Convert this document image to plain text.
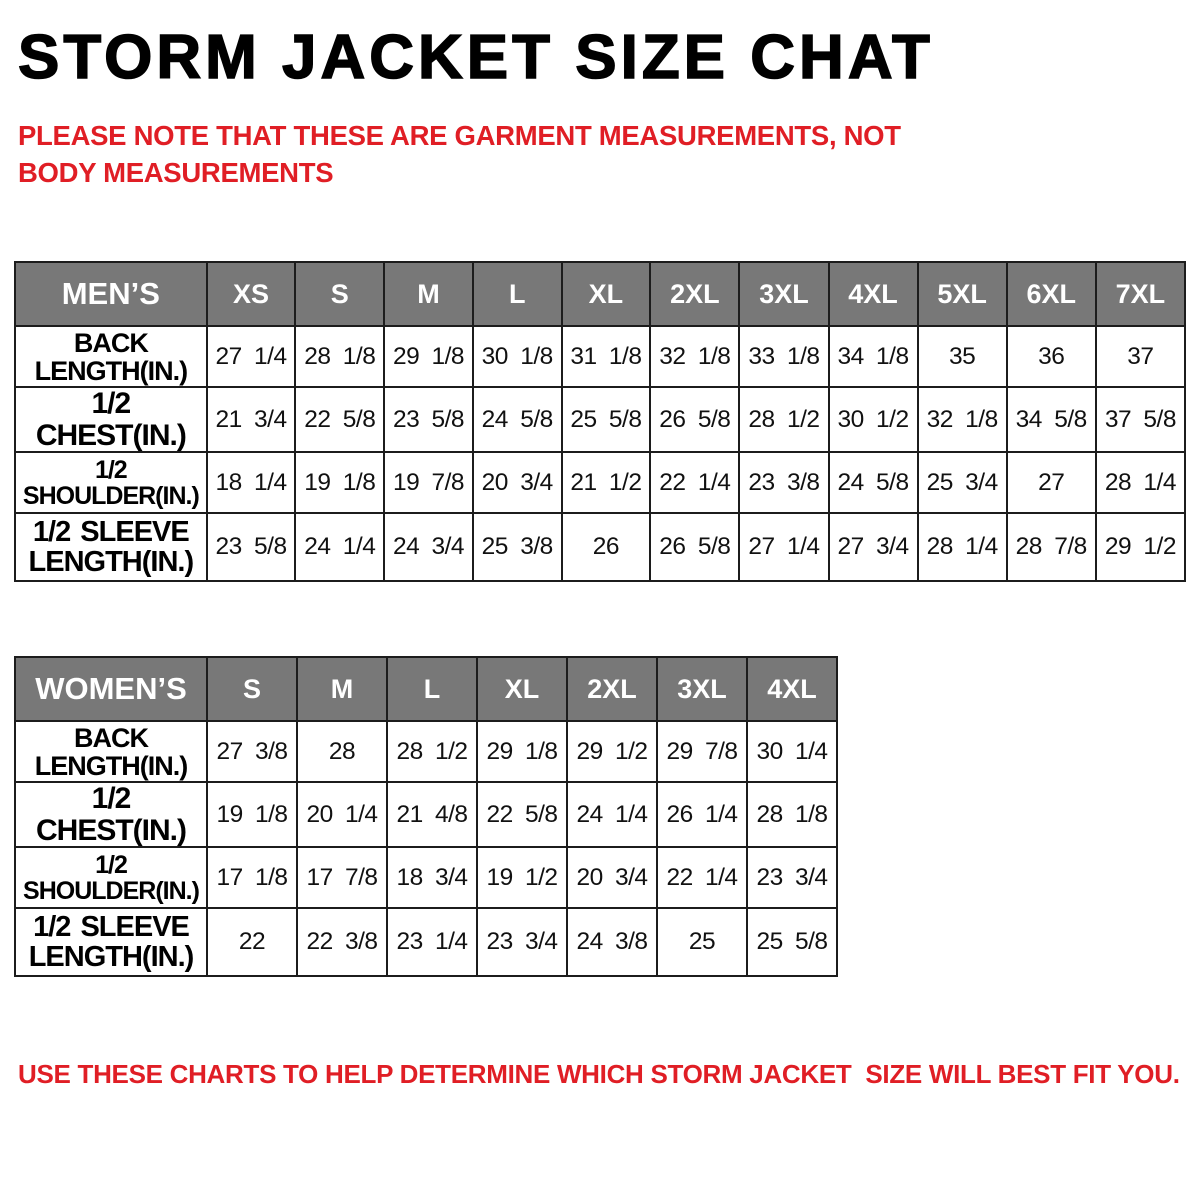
STORM JACKET SIZE CHAT

PLEASE NOTE THAT THESE ARE GARMENT MEASUREMENTS, NOT BODY MEASUREMENTS

MEN’S	XS	S	M	L	XL	2XL	3XL	4XL	5XL	6XL	7XL

BACK
LENGTH(IN.)	27 1/4	28 1/8	29 1/8	30 1/8	31 1/8	32 1/8	33 1/8	34 1/8	35	36	37

1/2 CHEST(IN.)	21 3/4	22 5/8	23 5/8	24 5/8	25 5/8	26 5/8	28 1/2	30 1/2	32 1/8	34 5/8	37 5/8

1/2 SHOULDER(IN.)	18 1/4	19 1/8	19 7/8	20 3/4	21 1/2	22 1/4	23 3/8	24 5/8	25 3/4	27	28 1/4

1/2 SLEEVE
LENGTH(IN.)	23 5/8	24 1/4	24 3/4	25 3/8	26	26 5/8	27 1/4	27 3/4	28 1/4	28 7/8	29 1/2
WOMEN’S	S	M	L	XL	2XL	3XL	4XL

BACK
LENGTH(IN.)	27 3/8	28	28 1/2	29 1/8	29 1/2	29 7/8	30 1/4

1/2 CHEST(IN.)	19 1/8	20 1/4	21 4/8	22 5/8	24 1/4	26 1/4	28 1/8

1/2 SHOULDER(IN.)	17 1/8	17 7/8	18 3/4	19 1/2	20 3/4	22 1/4	23 3/4

1/2 SLEEVE
LENGTH(IN.)	22	22 3/8	23 1/4	23 3/4	24 3/8	25	25 5/8

USE THESE CHARTS TO HELP DETERMINE WHICH STORM JACKET  SIZE WILL BEST FIT YOU.
